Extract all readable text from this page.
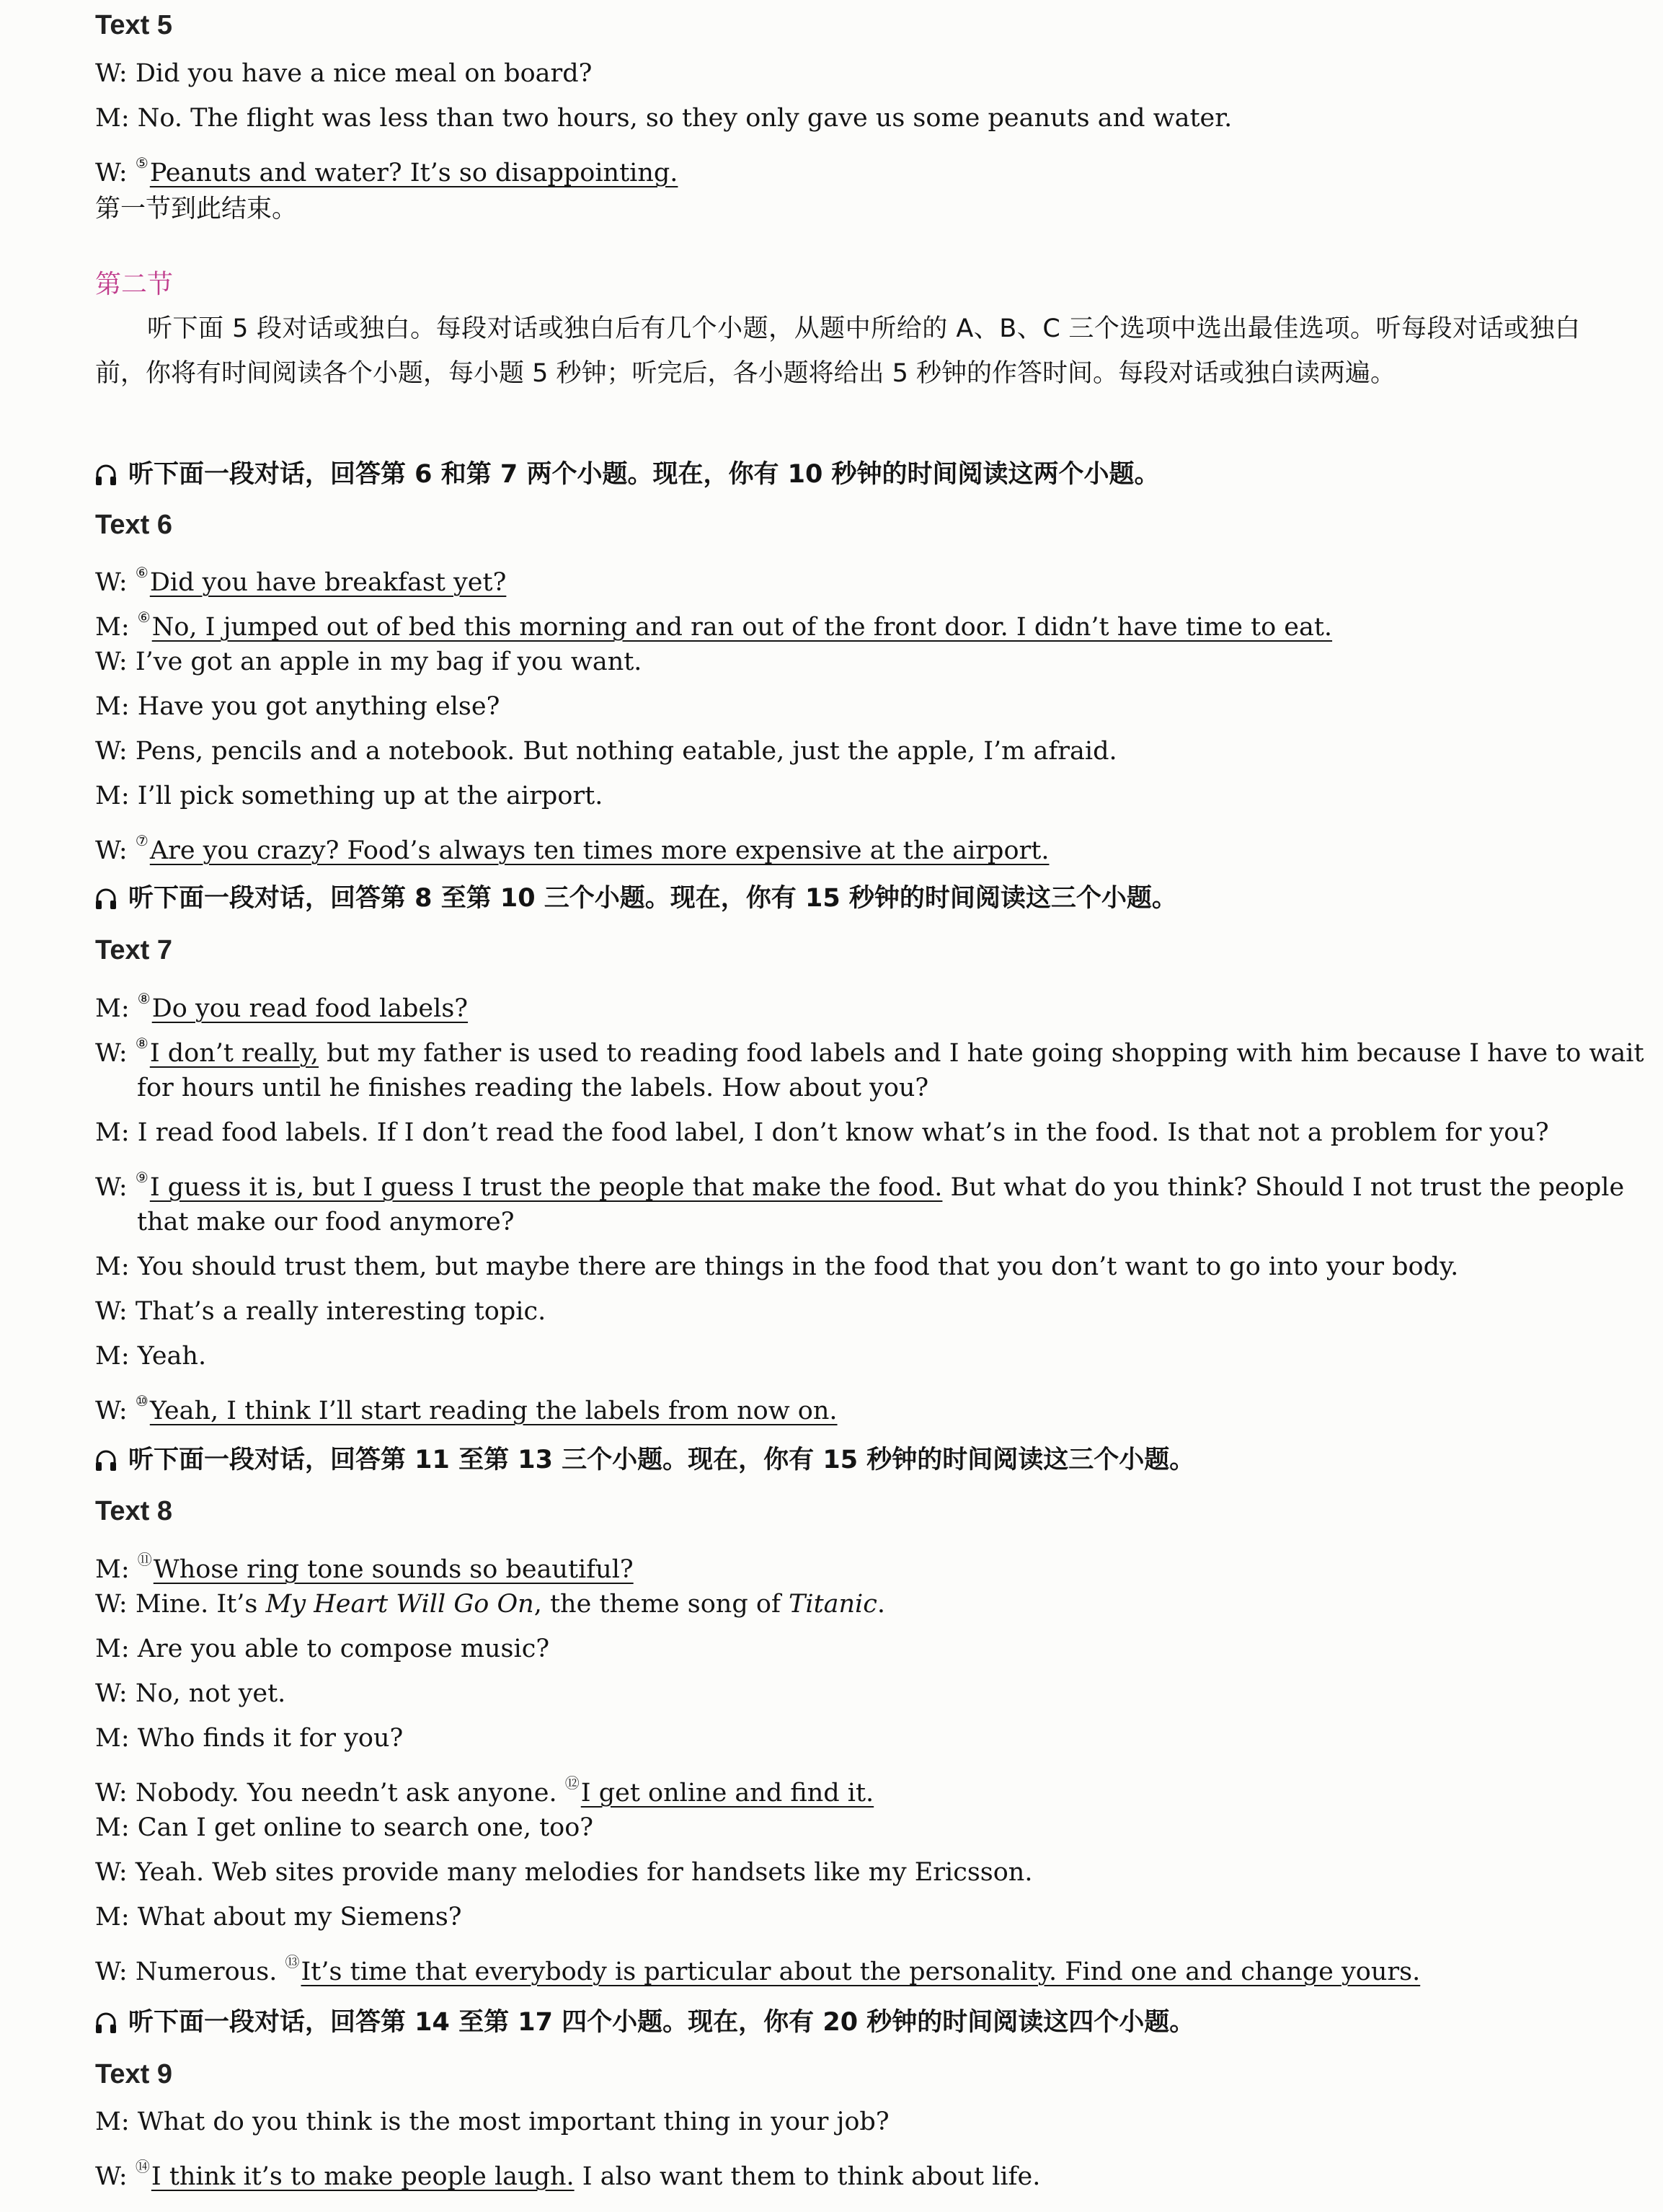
Text 5
W: Did you have a nice meal on board?
M: No. The flight was less than two hours, so they only gave us some peanuts and water.
W: ⑤Peanuts and water? It’s so disappointing.
第一节到此结束。
第二节
听下面 5 段对话或独白。每段对话或独白后有几个小题，从题中所给的 A、B、C 三个选项中选出最佳选项。听每段对话或独白前，你将有时间阅读各个小题，每小题 5 秒钟；听完后，各小题将给出 5 秒钟的作答时间。每段对话或独白读两遍。
听下面一段对话，回答第 6 和第 7 两个小题。现在，你有 10 秒钟的时间阅读这两个小题。
Text 6
W: ⑥Did you have breakfast yet?
M: ⑥No, I jumped out of bed this morning and ran out of the front door. I didn’t have time to eat.
W: I’ve got an apple in my bag if you want.
M: Have you got anything else?
W: Pens, pencils and a notebook. But nothing eatable, just the apple, I’m afraid.
M: I’ll pick something up at the airport.
W: ⑦Are you crazy? Food’s always ten times more expensive at the airport.
听下面一段对话，回答第 8 至第 10 三个小题。现在，你有 15 秒钟的时间阅读这三个小题。
Text 7
M: ⑧Do you read food labels?
W: ⑧I don’t really, but my father is used to reading food labels and I hate going shopping with him because I have to wait
for hours until he finishes reading the labels. How about you?
M: I read food labels. If I don’t read the food label, I don’t know what’s in the food. Is that not a problem for you?
W: ⑨I guess it is, but I guess I trust the people that make the food. But what do you think? Should I not trust the people
that make our food anymore?
M: You should trust them, but maybe there are things in the food that you don’t want to go into your body.
W: That’s a really interesting topic.
M: Yeah.
W: ⑩Yeah, I think I’ll start reading the labels from now on.
听下面一段对话，回答第 11 至第 13 三个小题。现在，你有 15 秒钟的时间阅读这三个小题。
Text 8
M: ⑪Whose ring tone sounds so beautiful?
W: Mine. It’s My Heart Will Go On, the theme song of Titanic.
M: Are you able to compose music?
W: No, not yet.
M: Who finds it for you?
W: Nobody. You needn’t ask anyone. ⑫I get online and find it.
M: Can I get online to search one, too?
W: Yeah. Web sites provide many melodies for handsets like my Ericsson.
M: What about my Siemens?
W: Numerous. ⑬It’s time that everybody is particular about the personality. Find one and change yours.
听下面一段对话，回答第 14 至第 17 四个小题。现在，你有 20 秒钟的时间阅读这四个小题。
Text 9
M: What do you think is the most important thing in your job?
W: ⑭I think it’s to make people laugh. I also want them to think about life.
